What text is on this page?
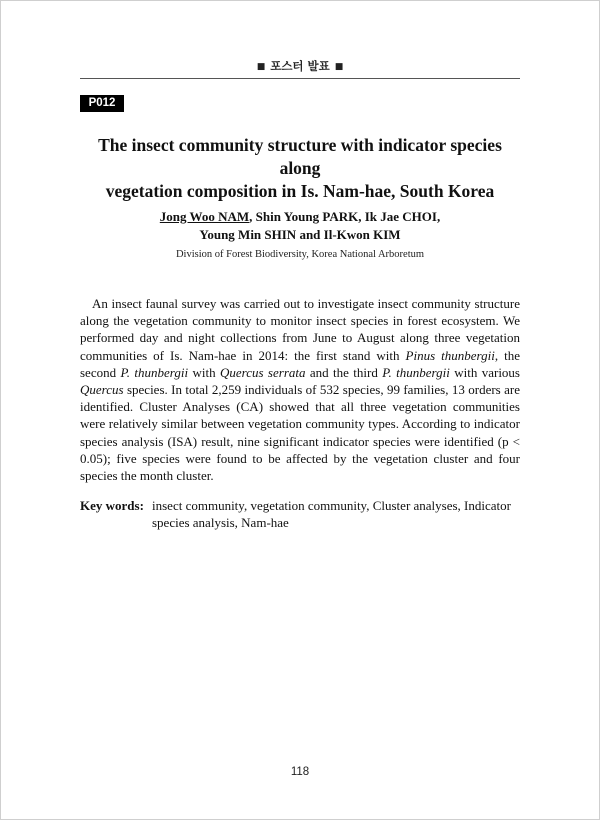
■ 포스터 발표 ■
P012
The insect community structure with indicator species along
vegetation composition in Is. Nam-hae, South Korea
Jong Woo NAM, Shin Young PARK, Ik Jae CHOI,
Young Min SHIN and Il-Kwon KIM
Division of Forest Biodiversity, Korea National Arboretum

An insect faunal survey was carried out to investigate insect community structure along the vegetation community to monitor insect species in forest ecosystem. We performed day and night collections from June to August along three vegetation communities of Is. Nam-hae in 2014: the first stand with Pinus thunbergii, the second P. thunbergii with Quercus serrata and the third P. thunbergii with various Quercus species. In total 2,259 individuals of 532 species, 99 families, 13 orders are identified. Cluster Analyses (CA) showed that all three vegetation communities were relatively similar between vegetation community types. According to indicator species analysis (ISA) result, nine significant indicator species were identified (p < 0.05); five species were found to be affected by the vegetation cluster and four species the month cluster.

Key words: insect community, vegetation community, Cluster analyses, Indicator species analysis, Nam-hae
118
